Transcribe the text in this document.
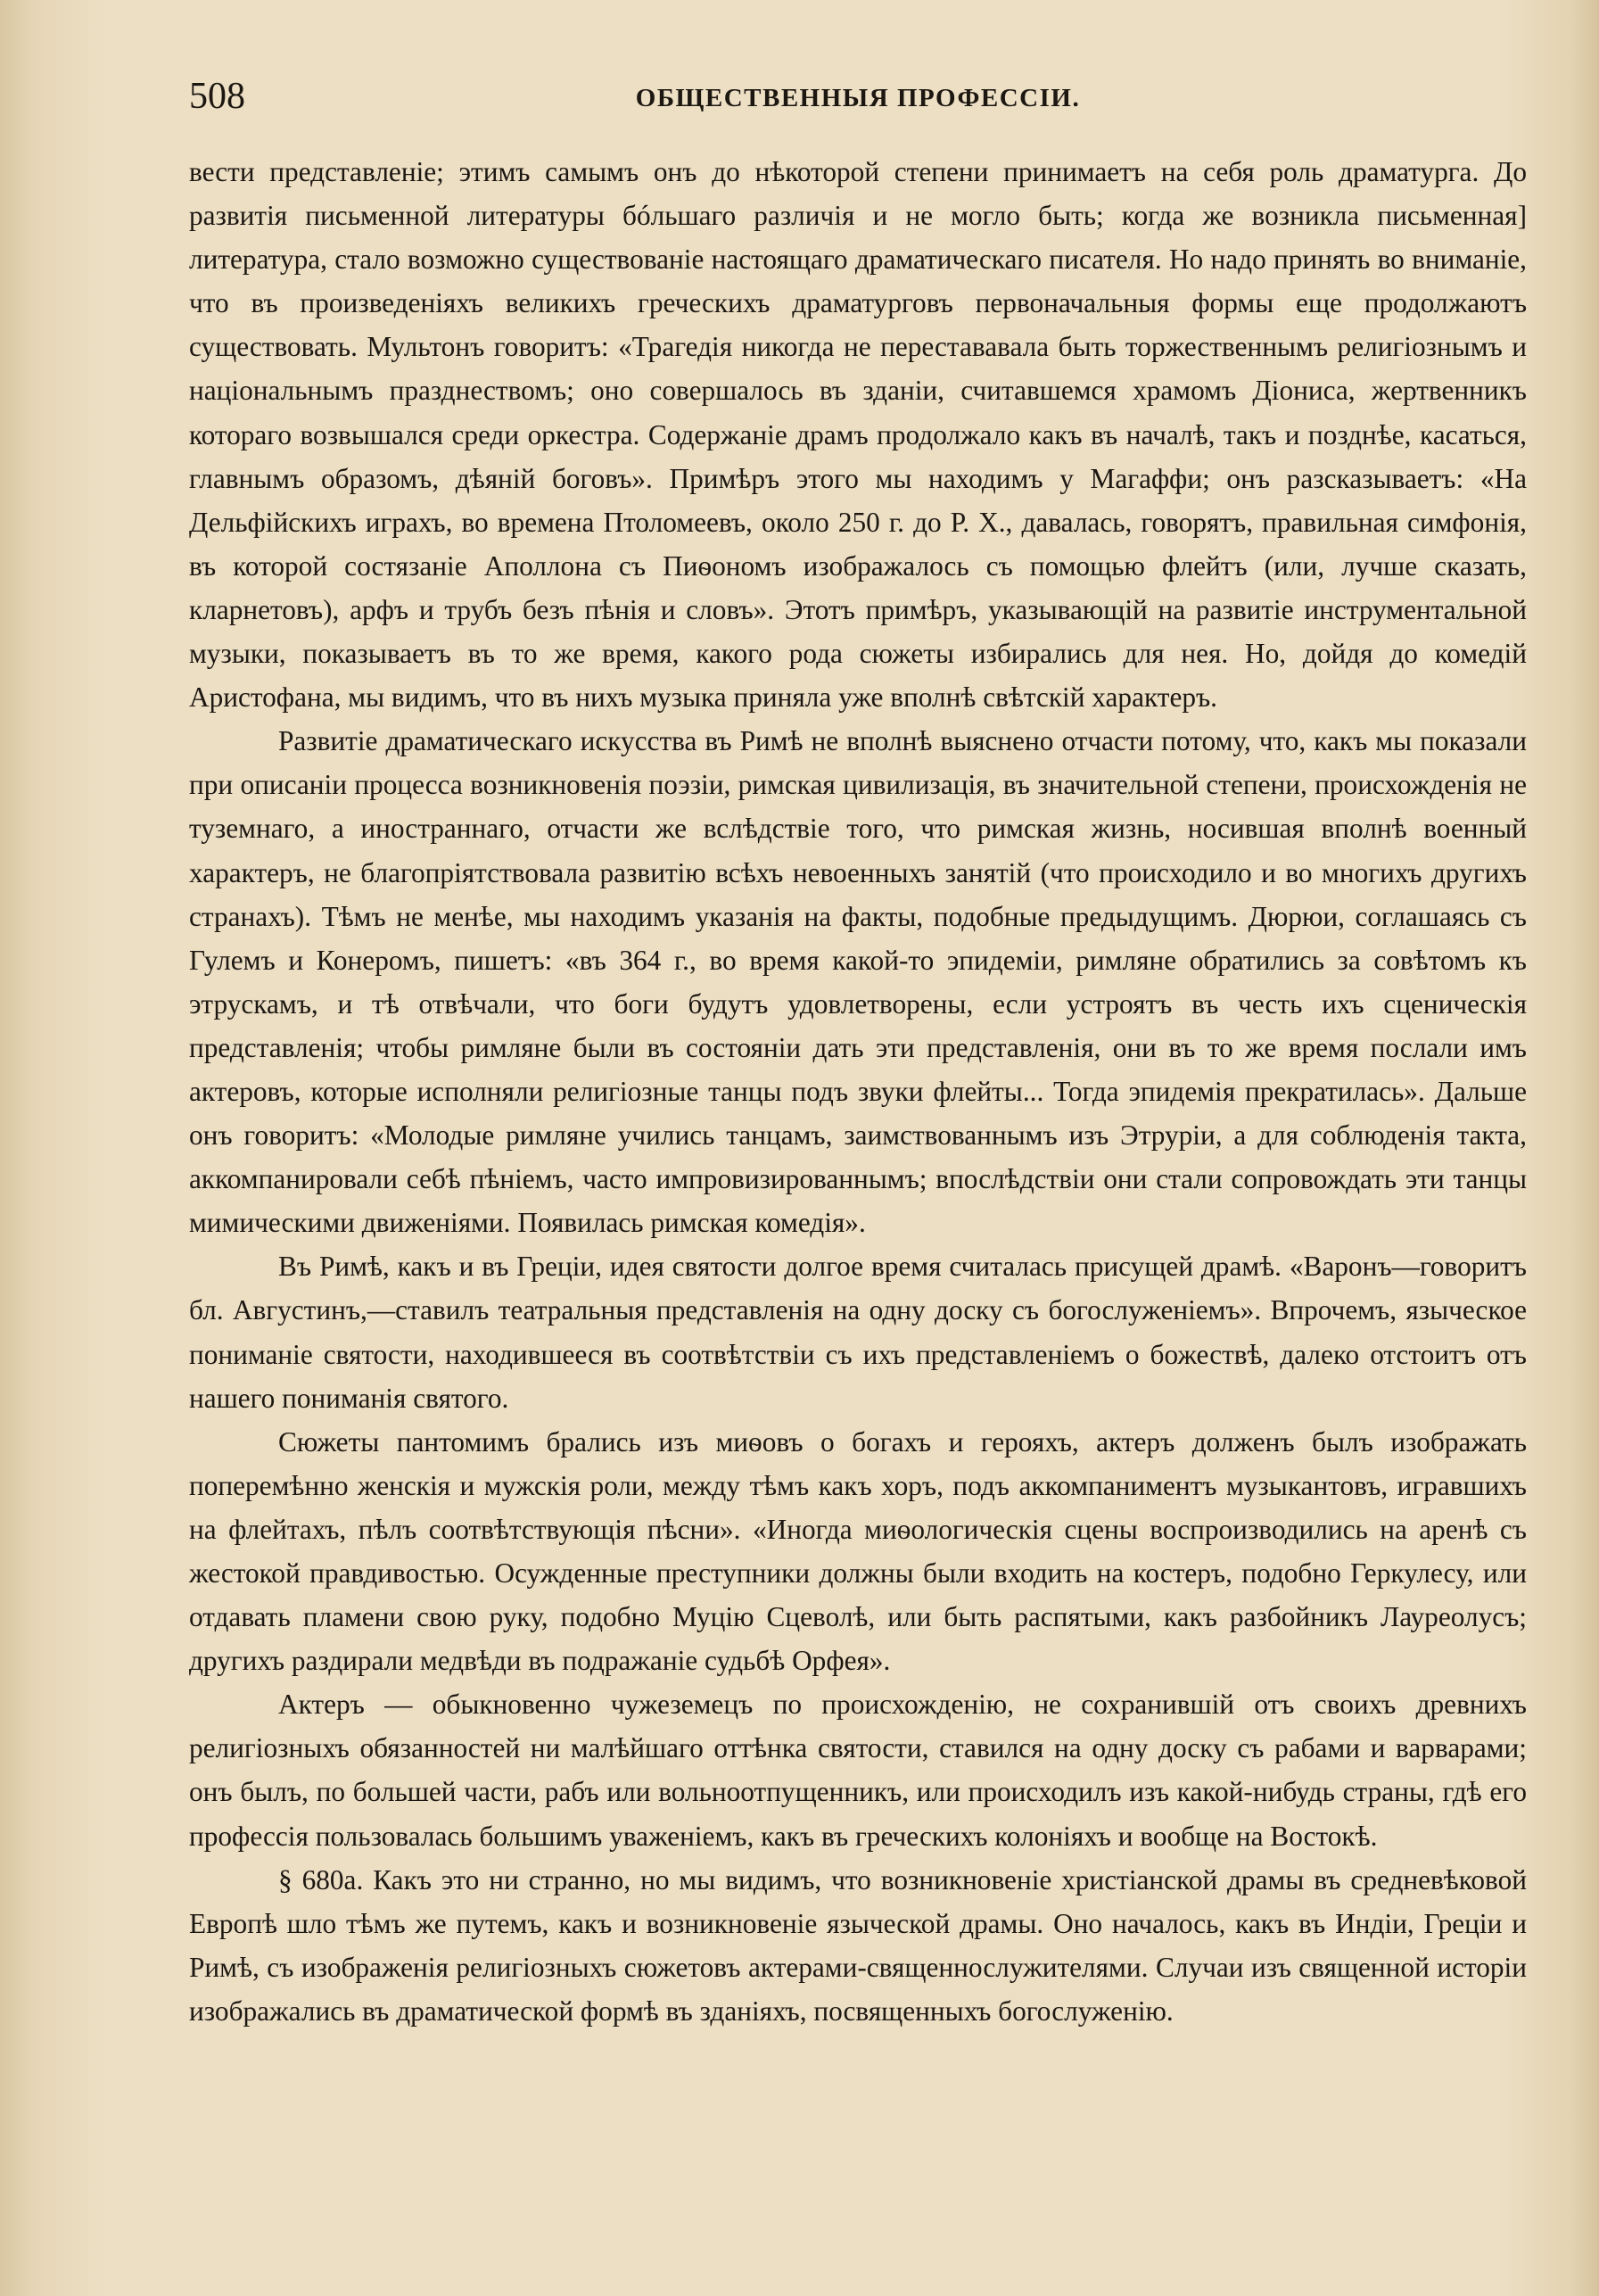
508	ОБЩЕСТВЕННЫЯ ПРОФЕССІИ.

вести представленіе; этимъ самымъ онъ до нѣкоторой степени принимаетъ на себя роль драматурга. До развитія письменной литературы бóльшаго различія и не могло быть; когда же возникла письменная] литература, стало возможно существованіе настоящаго драматическаго писателя. Но надо принять во вниманіе, что въ произведеніяхъ великихъ греческихъ драматурговъ первоначальныя формы еще продолжаютъ существовать. Мультонъ говоритъ: «Трагедія никогда не перестававала быть торжественнымъ религіознымъ и національнымъ празднествомъ; оно совершалось въ зданіи, считавшемся храмомъ Діониса, жертвенникъ котораго возвышался среди оркестра. Содержаніе драмъ продолжало какъ въ началѣ, такъ и позднѣе, касаться, главнымъ образомъ, дѣяній боговъ». Примѣръ этого мы находимъ у Магаффи; онъ разсказываетъ: «На Дельфійскихъ играхъ, во времена Птоломеевъ, около 250 г. до Р. X., давалась, говорятъ, правильная симфонія, въ которой состязаніе Аполлона съ Пиѳономъ изображалось съ помощью флейтъ (или, лучше сказать, кларнетовъ), арфъ и трубъ безъ пѣнія и словъ». Этотъ примѣръ, указывающій на развитіе инструментальной музыки, показываетъ въ то же время, какого рода сюжеты избирались для нея. Но, дойдя до комедій Аристофана, мы видимъ, что въ нихъ музыка приняла уже вполнѣ свѣтскій характеръ.

Развитіе драматическаго искусства въ Римѣ не вполнѣ выяснено отчасти потому, что, какъ мы показали при описаніи процесса возникновенія поэзіи, римская цивилизація, въ значительной степени, происхожденія не туземнаго, а иностраннаго, отчасти же вслѣдствіе того, что римская жизнь, носившая вполнѣ военный характеръ, не благопріятствовала развитію всѣхъ невоенныхъ занятій (что происходило и во многихъ другихъ странахъ). Тѣмъ не менѣе, мы находимъ указанія на факты, подобные предыдущимъ. Дюрюи, соглашаясь съ Гулемъ и Конеромъ, пишетъ: «въ 364 г., во время какой-то эпидеміи, римляне обратились за совѣтомъ къ этрускамъ, и тѣ отвѣчали, что боги будутъ удовлетворены, если устроятъ въ честь ихъ сценическія представленія; чтобы римляне были въ состояніи дать эти представленія, они въ то же время послали имъ актеровъ, которые исполняли религіозные танцы подъ звуки флейты... Тогда эпидемія прекратилась». Дальше онъ говоритъ: «Молодые римляне учились танцамъ, заимствованнымъ изъ Этруріи, а для соблюденія такта, аккомпанировали себѣ пѣніемъ, часто импровизированнымъ; впослѣдствіи они стали сопровождать эти танцы мимическими движеніями. Появилась римская комедія».

Въ Римѣ, какъ и въ Греціи, идея святости долгое время считалась присущей драмѣ. «Варонъ—говоритъ бл. Августинъ,—ставилъ театральныя представленія на одну доску съ богослуженіемъ». Впрочемъ, языческое пониманіе святости, находившееся въ соотвѣтствіи съ ихъ представленіемъ о божествѣ, далеко отстоитъ отъ нашего пониманія святого.

Сюжеты пантомимъ брались изъ миѳовъ о богахъ и герояхъ, актеръ долженъ былъ изображать поперемѣнно женскія и мужскія роли, между тѣмъ какъ хоръ, подъ аккомпаниментъ музыкантовъ, игравшихъ на флейтахъ, пѣлъ соотвѣтствующія пѣсни». «Иногда миѳологическія сцены воспроизводились на аренѣ съ жестокой правдивостью. Осужденные преступники должны были входить на костеръ, подобно Геркулесу, или отдавать пламени свою руку, подобно Муцію Сцеволѣ, или быть распятыми, какъ разбойникъ Лауреолусъ; другихъ раздирали медвѣди въ подражаніе судьбѣ Орфея».

Актеръ — обыкновенно чужеземецъ по происхожденію, не сохранившій отъ своихъ древнихъ религіозныхъ обязанностей ни малѣйшаго оттѣнка святости, ставился на одну доску съ рабами и варварами; онъ былъ, по большей части, рабъ или вольноотпущенникъ, или происходилъ изъ какой-нибудь страны, гдѣ его профессія пользовалась большимъ уваженіемъ, какъ въ греческихъ колоніяхъ и вообще на Востокѣ.

§ 680а. Какъ это ни странно, но мы видимъ, что возникновеніе христіанской драмы въ средневѣковой Европѣ шло тѣмъ же путемъ, какъ и возникновеніе языческой драмы. Оно началось, какъ въ Индіи, Греціи и Римѣ, съ изображенія религіозныхъ сюжетовъ актерами-священнослужителями. Случаи изъ священной исторіи изображались въ драматической формѣ въ зданіяхъ, посвященныхъ богослуженію.
